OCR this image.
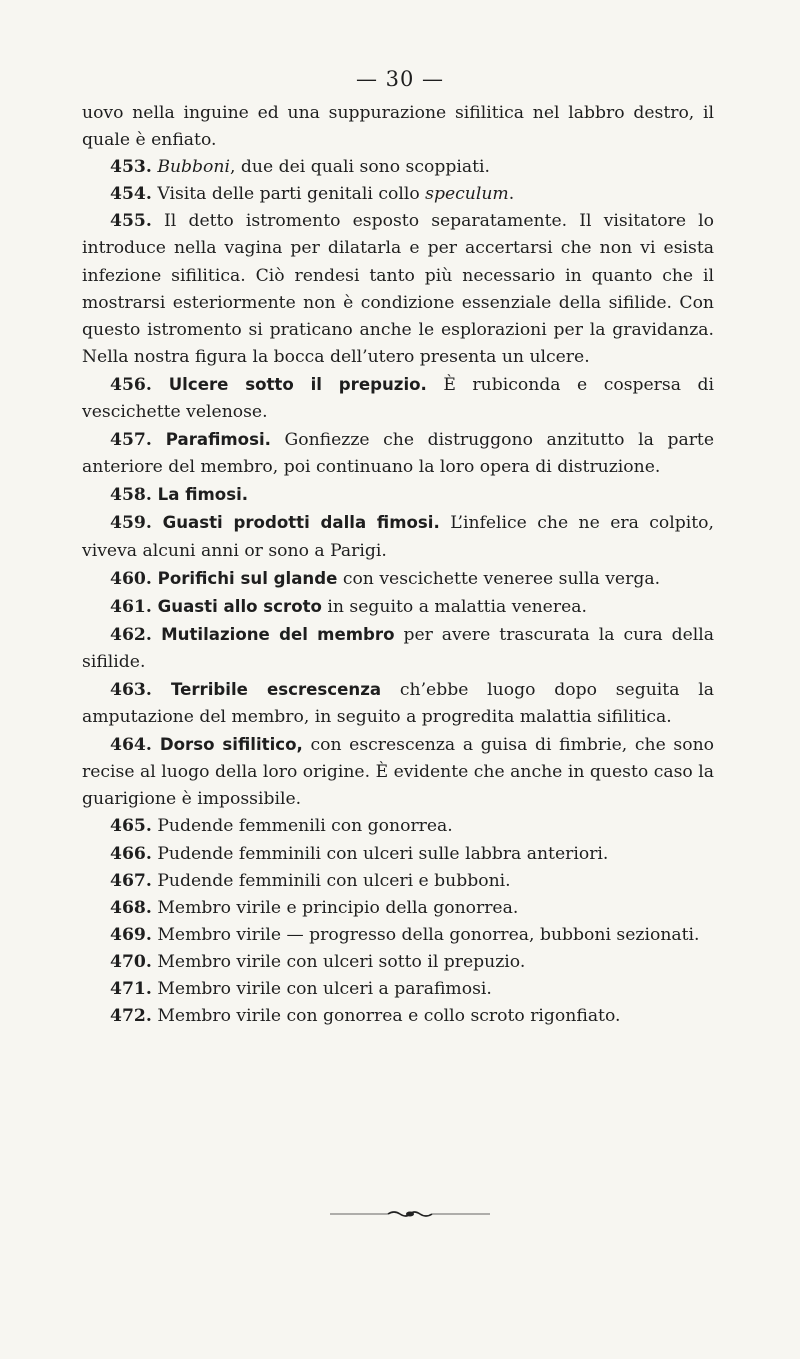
— 30 —

uovo nella inguine ed una suppurazione sifilitica nel labbro destro, il quale è enfiato.

453. Bubboni, due dei quali sono scoppiati.

454. Visita delle parti genitali collo speculum.

455. Il detto istromento esposto separatamente. Il visitatore lo introduce nella vagina per dilatarla e per accertarsi che non vi esista infezione sifilitica. Ciò rendesi tanto più necessario in quanto che il mostrarsi esteriormente non è condizione essenziale della sifilide. Con questo istromento si praticano anche le esplorazioni per la gravidanza. Nella nostra figura la bocca dell’utero presenta un ulcere.

456. Ulcere sotto il prepuzio. È rubiconda e cospersa di vescichette velenose.

457. Parafimosi. Gonfiezze che distruggono anzitutto la parte anteriore del membro, poi continuano la loro opera di distruzione.

458. La fimosi.

459. Guasti prodotti dalla fimosi. L’infelice che ne era colpito, viveva alcuni anni or sono a Parigi.

460. Porifichi sul glande con vescichette veneree sulla verga.

461. Guasti allo scroto in seguito a malattia venerea.

462. Mutilazione del membro per avere trascurata la cura della sifilide.

463. Terribile escrescenza ch’ebbe luogo dopo seguita la amputazione del membro, in seguito a progredita malattia sifilitica.

464. Dorso sifilitico, con escrescenza a guisa di fimbrie, che sono recise al luogo della loro origine. È evidente che anche in questo caso la guarigione è impossibile.

465. Pudende femmenili con gonorrea.

466. Pudende femminili con ulceri sulle labbra anteriori.

467. Pudende femminili con ulceri e bubboni.

468. Membro virile e principio della gonorrea.

469. Membro virile — progresso della gonorrea, bubboni sezionati.

470. Membro virile con ulceri sotto il prepuzio.

471. Membro virile con ulceri a parafimosi.

472. Membro virile con gonorrea e collo scroto rigonfiato.
